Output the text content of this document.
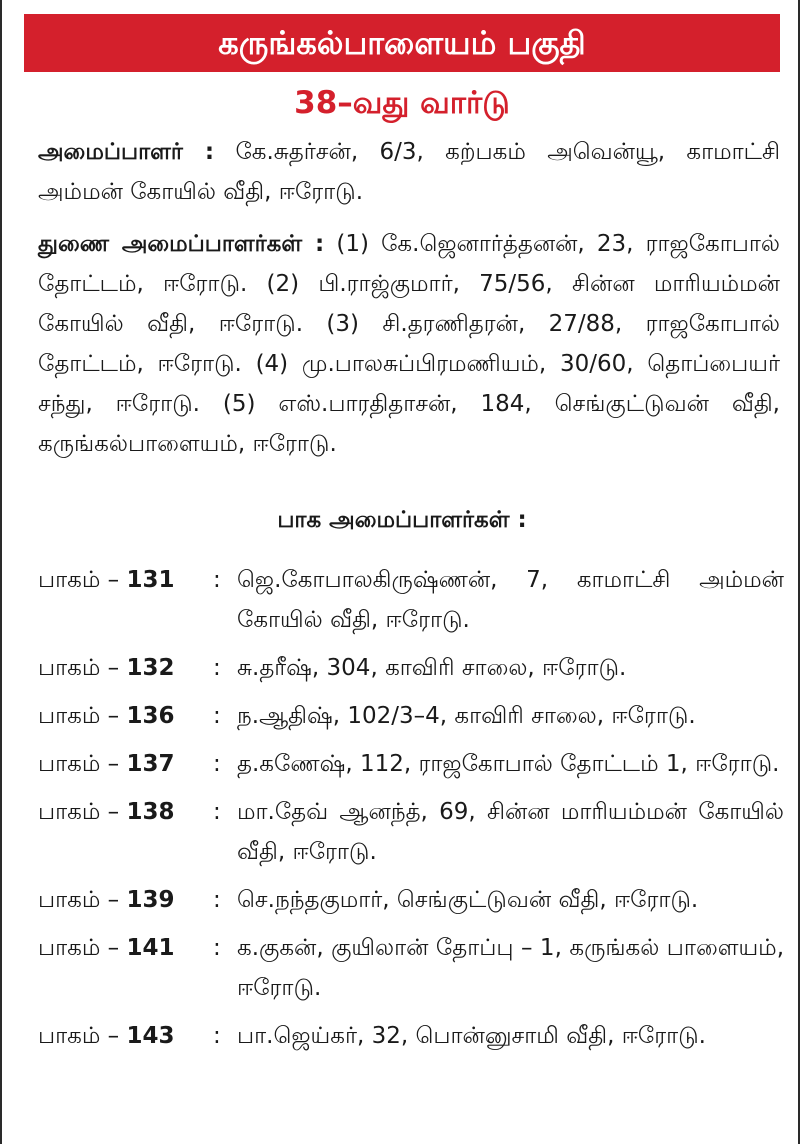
கருங்கல்பாளையம் பகுதி
38–வது வார்டு

அமைப்பாளர் : கே.சுதர்சன், 6/3, கற்பகம் அவென்யூ, காமாட்சி அம்மன் கோயில் வீதி, ஈரோடு.

துணை அமைப்பாளர்கள் : (1) கே.ஜெனார்த்தனன், 23, ராஜகோபால் தோட்டம், ஈரோடு. (2) பி.ராஜ்குமார், 75/56, சின்ன மாரியம்மன் கோயில் வீதி, ஈரோடு. (3) சி.தரணிதரன், 27/88, ராஜகோபால் தோட்டம், ஈரோடு. (4) மு.பாலசுப்பிரமணியம், 30/60, தொப்பையர் சந்து, ஈரோடு. (5) எஸ்.பாரதிதாசன், 184, செங்குட்டுவன் வீதி, கருங்கல்பாளையம், ஈரோடு.

பாக அமைப்பாளர்கள் :
பாகம் – 131	: ஜெ.கோபாலகிருஷ்ணன், 7, காமாட்சி அம்மன் கோயில் வீதி, ஈரோடு.
பாகம் – 132	: சு.தரீஷ், 304, காவிரி சாலை, ஈரோடு.
பாகம் – 136	: ந.ஆதிஷ், 102/3–4, காவிரி சாலை, ஈரோடு.
பாகம் – 137	: த.கணேஷ், 112, ராஜகோபால் தோட்டம் 1, ஈரோடு.
பாகம் – 138	: மா.தேவ் ஆனந்த், 69, சின்ன மாரியம்மன் கோயில் வீதி, ஈரோடு.
பாகம் – 139	: செ.நந்தகுமார், செங்குட்டுவன் வீதி, ஈரோடு.
பாகம் – 141	: க.குகன், குயிலான் தோப்பு – 1, கருங்கல் பாளையம், ஈரோடு.
பாகம் – 143	: பா.ஜெய்கர், 32, பொன்னுசாமி வீதி, ஈரோடு.
